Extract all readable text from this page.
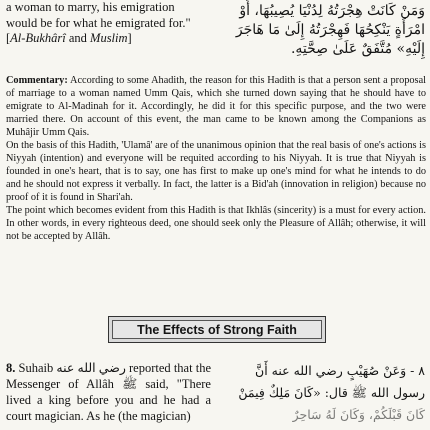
a woman to marry, his emigration
would be for what he emigrated for."
[Al-Bukhârî and Muslim]
وَمَنْ كَانَتْ هِجْرَتُهُ لِدُنْيَا يُصِيبُهَا، أَوْ
امْرَأَةٍ يَنْكِحُهَا فَهِجْرَتُهُ إِلَىٰ مَا هَاجَرَ
إِلَيْهِ» مُتَّفَقٌ عَلَىٰ صِحَّتِهِ.

Commentary: According to some Ahadith, the reason for this Hadith is that a person sent a proposal of marriage to a woman named Umm Qais, which she turned down saying that he should have to emigrate to Al-Madinah for it. Accordingly, he did it for this specific purpose, and the two were married there. On account of this event, the man came to be known among the Companions as Muhâjir Umm Qais.

On the basis of this Hadith, 'Ulamâ' are of the unanimous opinion that the real basis of one's actions is Niyyah (intention) and everyone will be requited according to his Niyyah. It is true that Niyyah is founded in one's heart, that is to say, one has first to make up one's mind for what he intends to do and he should not express it verbally. In fact, the latter is a Bid'ah (innovation in religion) because no proof of it is found in Shari'ah.

The point which becomes evident from this Hadith is that Ikhlâs (sincerity) is a must for every action. In other words, in every righteous deed, one should seek only the Pleasure of Allâh; otherwise, it will not be accepted by Allâh.

The Effects of Strong Faith
8. Suhaib رضي الله عنه reported that the Messenger of Allâh ﷺ said, "There lived a king before you and he had a court magician. As he (the magician)
٨ - وَعَنْ صُهَيْبٍ رضي الله عنه أَنَّ
رسول الله ﷺ قال: «كَانَ مَلِكٌ فِيمَنْ
كَانَ قَبْلَكُمْ، وَكَانَ لَهُ سَاحِرٌ
